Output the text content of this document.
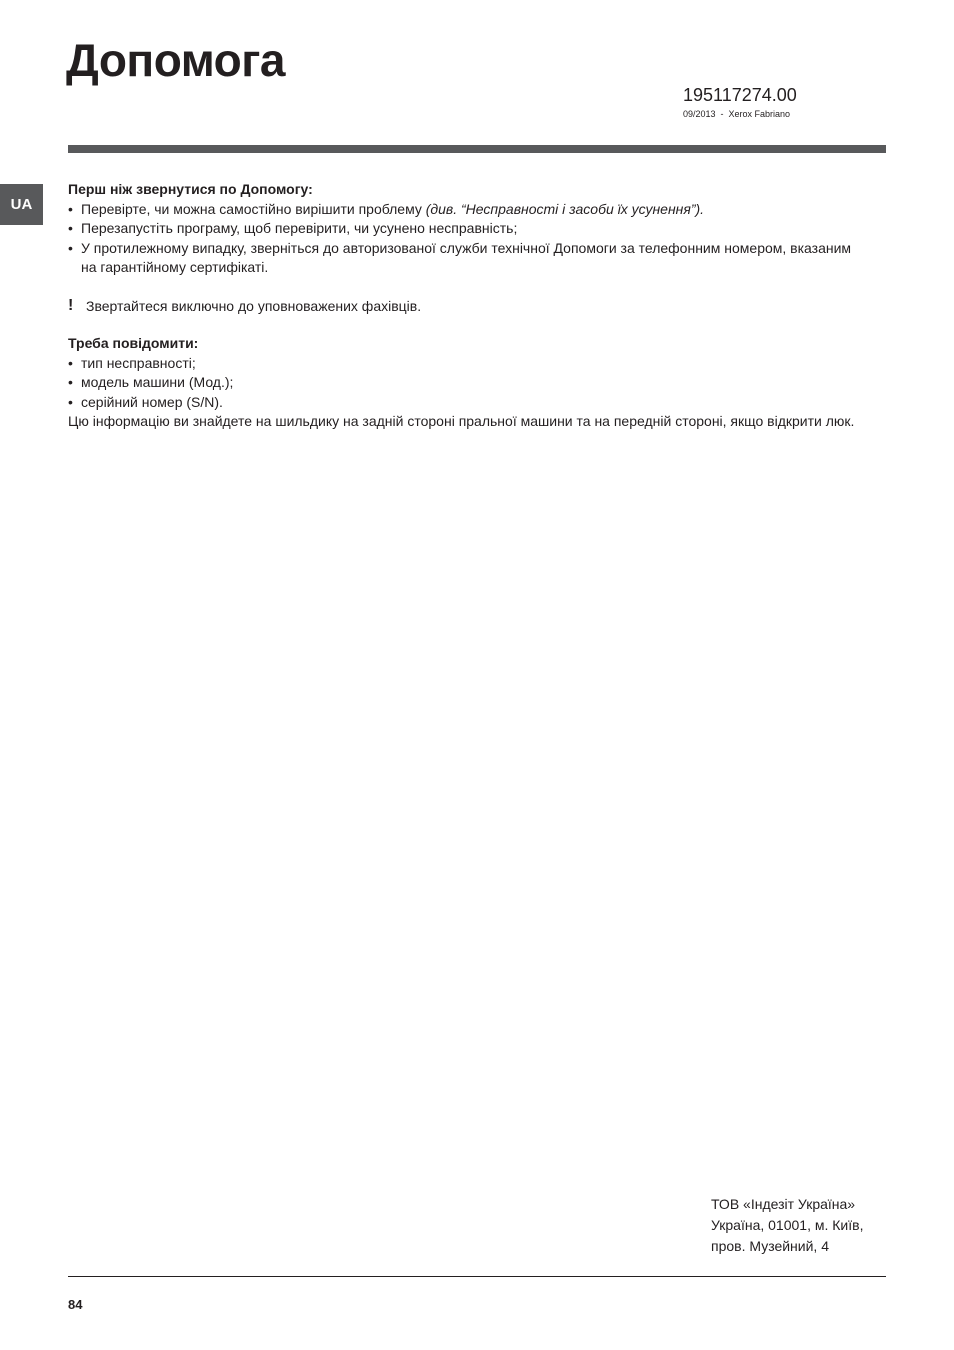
Допомога
195117274.00
09/2013  -  Xerox Fabriano
UA

Перш ніж звернутися по Допомогу:

• Перевірте, чи можна самостійно вирішити проблему (див. “Несправності і засоби їх усунення”).
• Перезапустіть програму, щоб перевірити, чи усунено несправність;
• У протилежному випадку, зверніться до авторизованої служби технічної Допомоги за телефонним номером, вказаним на гарантійному сертифікаті.
! Звертайтеся виключно до уповноважених фахівців.

Треба повідомити:

• тип несправності;
• модель машини (Мод.);
• серійний номер (S/N).

Цю інформацію ви знайдете на шильдику на задній стороні пральної машини та на передній стороні, якщо відкрити люк.

ТОВ «Індезіт Україна»
Україна, 01001, м. Київ,
пров. Музейний, 4
84
